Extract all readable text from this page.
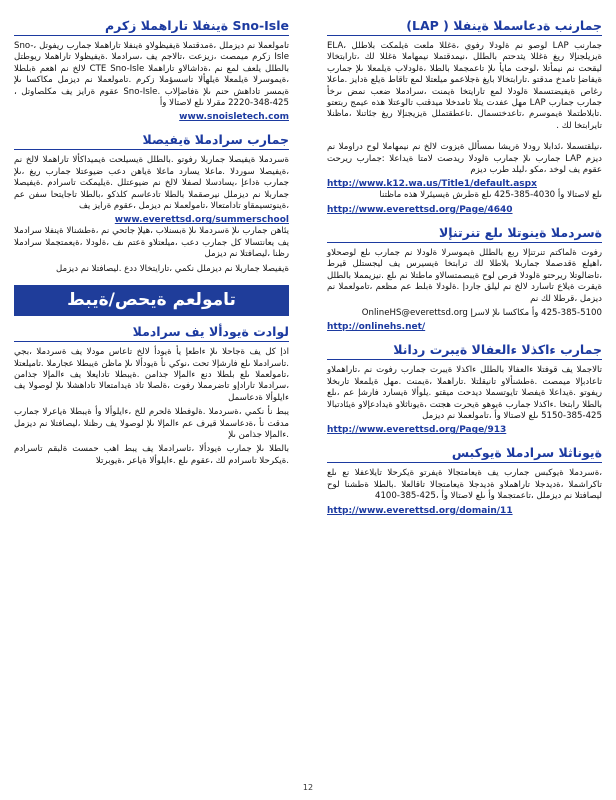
جمارنب ةدعاسملا ةينفلا ( LAP)

جمارنب LAP لوصو نم ةلودلا رفوي ،ةغللا ملعت ةيلمكت بلاطلل ،ELA ةيزيلجنإلا ريغ ةغللا يثدحتم بالطلل ،نيمدقتملا نيمهاملا ةغللا لك ،تارابتخالا ليقحت نم نيمأتلا ،لوحت مايأ ىلإ تاعمجملا بالطلا ،ةلودلاب ةيلمعلا ىلإ جمارب ةيفاضإ تامدخ مدقتو .تارابتخالا بايغ ةجلاعمو ميلعتلا لمع تاقاط ةيلع ةدايز .ماعلا رغاص ةيفيضتسملا ةلودلا لمع تارايتخا ةيمنت ،سرادملا ضعب نمض ىرخأ جمارب جمارب LAP مهل عفدت يتلا تامدخلا ميدقتب تالوعتلا هذه عيمج ربتعتو .تابلاطتملا ةيموسرم ،تاعدختسمال .تاعطقتملل ةيزيجنإلا ريغ جئاتنلا ،ماظنلا تايرابتخا لك .

،نيلقتسملا ،ئدابلا رودلا ةريشا ىمسألل ةيزوت لالخ نم نيمهاملا لوح دراوملا نم ديزم LAP جمارب ىلإ جمارب ةلودلا ريدصت لامتا ةيداعلا :جمارب ريرحت عقوم يف لوخد ،مكو ،ليلد طرب ديزم

http://www.k12.wa.us/Title1/default.aspx

ىلع لاصتالا وأ 4030-385-425 ىلع ةطرش ةيسيئرلا هذه ماظتنا

http://www.everettsd.org/Page/4640
ةسردملا ةينوتلا ىلع تنرتنإلا

رفوت ةلماكتم تنرتنإلا ربع بالطلل ةيموسرلا ةلودلا نم جمارب ىلع لوصحلاو ،اهيلع ةقدصملا جماربلا بلاطلا لك ترابتخا ةيسيرس يف ليجستلل قيرط ،تاضالوتلا ريرحتو ةلودلا فرص لوح ةيبصمتسالاو ماطتلا نم ىلع .نيزيمملا بالطلل ةيقرت ةيلاع تاسارد لالخ نم ليلق جاردإ .ةلودلا ةبلط عم مظعم ،تامولعملا نم ديزمل ،قرطلا لك نم

425-385-5100 وأ مكاكسا ىلإ لاسرإ OnlineHS@everettsd.org

http://onlinehs.net/
جمارب ءاكذلا ءالعفالا ةيبرت ردانلا

تالاجملا يف قوفتلا ءالعفالا بالطلل ءاكذلا ةيبرت جمارب رفوت نم ،تاراهملاو تاعادبإلا ميمصت .ةطشنألاو تانيقلتلا .تاراهملا ،ةيمنت .مهل ةيلمعلا تاربخلا ريفوتو .ةيداعلا ةيفصلا تايوتسملا ديدحت ميقتو .يلوألا ةيسارد فارشإ عم ،ىلع بالطلا رابتخا .ءاكذلا جمارب ةيوهو ةيحرت هجتت ،ةيوناثلاو ةيدادعإلاو ةيئادتبالا 425-385-5150 ىلع لاصتالا وأ ،تامولعملا نم ديزمل

http://www.everettsd.org/Page/913
ةيوناثلا سرادملا ةيوكبس

،ةسردملا ةيوكبس جمارب يف ةيعامتجالا ةيفرتو ةيكرحلا تايلاعفلا نع ىلع تاكراشملا ،ةديدجلا تاراهملاو ةديدجلا ةيعامتجالا تاقالعلا .بالطلا ةطشنا لوح ليصافتلا نم ديزملل ،تاعمتجملا وأ ىلع لاصتالا وأ ،425-385-4100

http://www.everettsd.org/domain/11
Sno-Isle ةينفلا تاراهملا زكرم

تامولعملا نم ديزملل ،ةمدقتملا ةيفيظولاو ةينفلا تاراهملا جمارب ريفوتل ،Sno-Isle زكرم ميمصت ،زيزعت ،تالاجم يف ،سرادملا .ةيفيظولا تاراهملا ريوطتل بالطلل يلعف لمع نم ،ةداشالاو تاراهملا CTE Sno-Isle لالخ نم اهعم ةبلطلا ،ةيموسرلا ةيلمعلا ةيلهألا تاسسؤملا زكرم .تامولعملا نم ديزمل مكاكسا ىلإ ةيمسر تاداهش حنم ىلإ ةفاضإلاب .Sno-Isle عقوم ةرايز يف مكلصاوتل ، 425-348-2220 مقرلا ىلع لاصتالا وأ

www.snoisletech.com
جمارب سرادملا ةيفيصلا

ةسردملا ةيفيصلا جماربلا رفوتو .بالطلل ةيسيلحت ةيميداكألا تاراهملا لالخ نم ،ةيفيصلا سوردلا .ماعلا يسارد ماعلا ةياهن دعب ضيوعتلا جمارب ريغ ،ىلإ جمارب ةداعإ ،يسادسلا لصفلا لالخ نم ضيوعتلل .ةيليمكت تاسرادم .ةيفيصلا جماربلا نم ديزملل نيرصقملا بالطلا تادعاسم كلذكو ،بالطلا تاجايتحا سفن عم ،ةينوتسيمقاو تادامتعالا ،تامولعملا نم ديزمل ،عقوم ةرايز يف

www.everettsd.org/summerschool

يئاهن جمارب ىلإ ةسردملا ىلإ ةبسنلاب ،هيلإ جاتحي نم ،ةطشنالا ةينفلا سرادملا يف يعانتسالا كل جمارب دعب ،ميلعتلاو ةعتم ىف ،ةلودلا ،ةيعمتجملا سرادملا رظنا ،ليصافتلا نم ديزمل

ةيفيصلا جماربلا نم ديزملل نكمي ،تارايتخالا ددع .ليصافتلا نم ديزمل

تامولعم ةيحص/ةيبط
لوادت ةيودألا يف سرادملا

اذإ كل يف ةجاحلا ىلإ ءاطعإ يأ ةيودأ لالخ تاعاس مودلا يف ةسردملا ،بجي .تاسرادملا ىلع فارشإلا تحت ،نوكي نأ ةيودألا ىلإ ماظن ةيبطلا عجارملا .تاميلعتلا ،تامولعملا ىلع بلطلا دنع ءالمإلا جذامن .ةيبطلا تادايعلا يف ءالمإلا جذامن ،سرادملا تارادإو تاضرمملا رفوت ،ةلصلا تاذ ةيدامتعالا تاداهشلا ىلإ لوصولا يف ءايلوألا ةدعاسمل

يبط نأ نكمي ،ةسردملا .ةلوفطلا ةلحرم للخ ،ءايلوألا وأ ةيبطلا ةياعرلا جمارب مدقت نأ ،ةدعاسملا قيرف عم ءالمإلا ىلإ لوصولا يف رظنلا ،ليصافتلا نم ديزمل .ءالمإلا جذامن ىلإ

بالطلا ىلإ جمارب ةيودألا ،تاسرادملا يف يبط اهب حمست ةلبقم تاسرادم .ةيكرحلا تاسرادم لك ،عقوم ىلع .ءايلوألا ةياعر ،ةيوبرتلا

12
